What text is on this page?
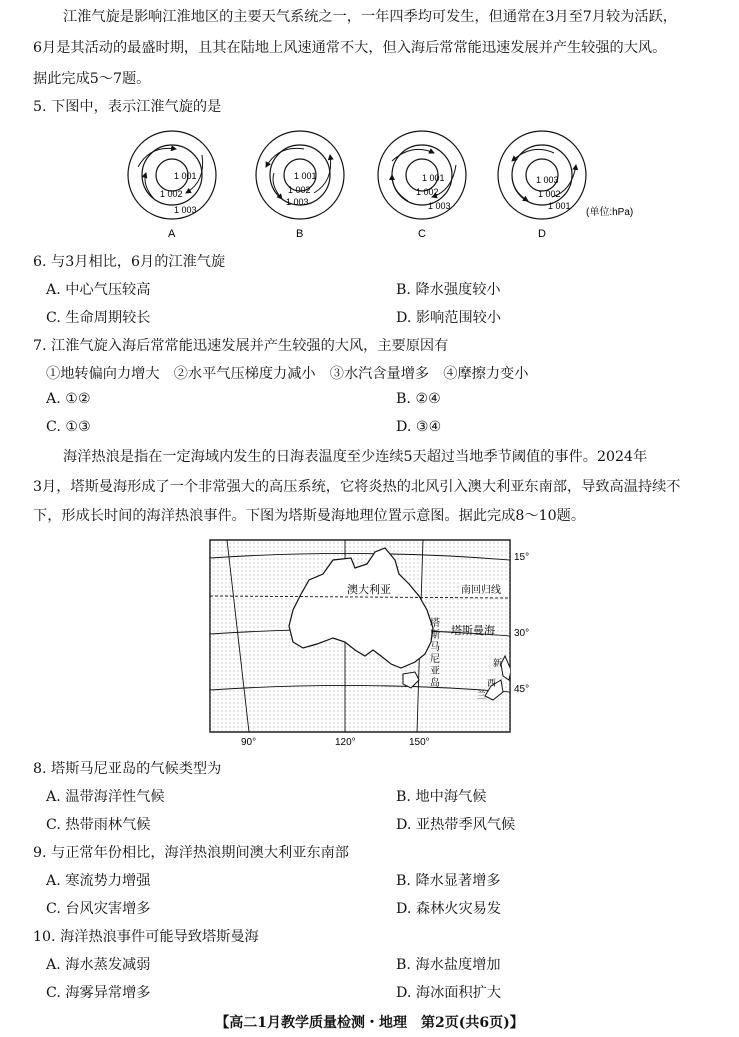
江淮气旋是影响江淮地区的主要天气系统之一，一年四季均可发生，但通常在3月至7月较为活跃，
6月是其活动的最盛时期，且其在陆地上风速通常不大，但入海后常常能迅速发展并产生较强的大风。
据此完成5～7题。
5. 下图中，表示江淮气旋的是
1 001
1 002
1 003
1 001
1 002
1 003
1 001
1 002
1 003
1 003
1 002
1 001
A	B	C	D
(单位:hPa)
6. 与3月相比，6月的江淮气旋
A. 中心气压较高	B. 降水强度较小
C. 生命周期较长	D. 影响范围较小
7. 江淮气旋入海后常常能迅速发展并产生较强的大风，主要原因有
①地转偏向力增大　②水平气压梯度力减小　③水汽含量增多　④摩擦力变小
A. ①②	B. ②④
C. ①③	D. ③④
海洋热浪是指在一定海域内发生的日海表温度至少连续5天超过当地季节阈值的事件。2024年
3月，塔斯曼海形成了一个非常强大的高压系统，它将炎热的北风引入澳大利亚东南部，导致高温持续不
下，形成长时间的海洋热浪事件。下图为塔斯曼海地理位置示意图。据此完成8～10题。
澳大利亚	南回归线
塔斯曼海
塔
斯
马
尼
亚
岛
新
西
兰
15°
30°
45°
90°	120°	150°
8. 塔斯马尼亚岛的气候类型为
A. 温带海洋性气候	B. 地中海气候
C. 热带雨林气候	D. 亚热带季风气候
9. 与正常年份相比，海洋热浪期间澳大利亚东南部
A. 寒流势力增强	B. 降水显著增多
C. 台风灾害增多	D. 森林火灾易发
10. 海洋热浪事件可能导致塔斯曼海
A. 海水蒸发减弱	B. 海水盐度增加
C. 海雾异常增多	D. 海冰面积扩大
【高二1月教学质量检测・地理　第2页(共6页)】
